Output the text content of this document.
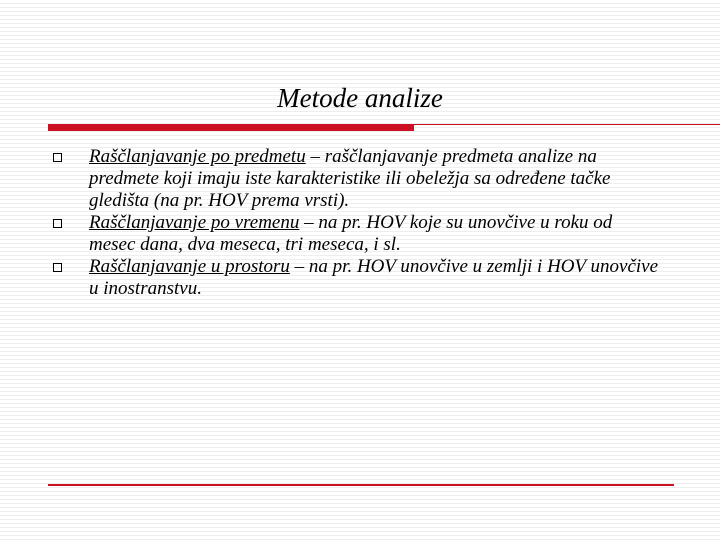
Metode analize
Raščlanjavanje po predmetu – raščlanjavanje predmeta analize na predmete koji imaju iste karakteristike ili obeležja sa određene tačke gledišta (na pr. HOV prema vrsti).
Raščlanjavanje po vremenu – na pr. HOV koje su unovčive u roku od mesec dana, dva meseca, tri meseca, i sl.
Raščlanjavanje u prostoru – na pr. HOV unovčive u zemlji i HOV unovčive u inostranstvu.
